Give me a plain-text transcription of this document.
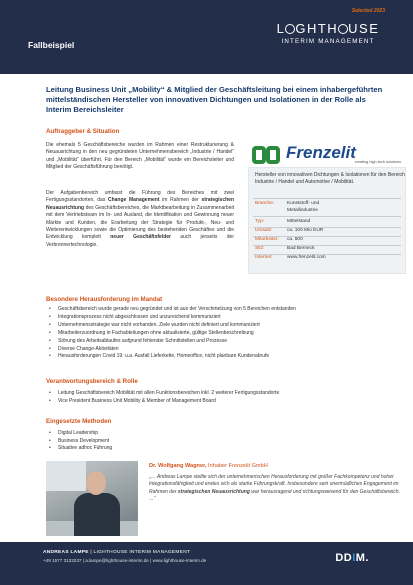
Fallbeispiel
Selected 2023
L GHTH USE
INTERIM MANAGEMENT
Leitung Business Unit „Mobility“ & Mitglied der Geschäftsleitung bei einem inhabergeführten mittelständischen Hersteller von innovativen Dichtungen und Isolationen in der Rolle als Interim Bereichsleiter
Auftraggeber & Situation

Die ehemals 5 Geschäftsbereiche wurden im Rahmen einer Restrukturierung & Neuausrichtung in den neu gegründeten Unternehmensbereich „Industrie / Handel“ und „Mobilität“ überführt. Für den Bereich „Mobilität“ wurde ein Bereichsleiter und Mitglied der Geschäftsführung benötigt.

Der Aufgabenbereich umfasst die Führung des Bereiches mit zwei Fertigungsstandorten, das Change Management im Rahmen der strategischen Neuausrichtung des Geschäftsbereiches, die Marktbearbeitung in Zusammenarbeit mit dem Vertriebsteam im In- und Ausland, die Identifikation und Gewinnung neuer Märkte und Kunden, die Erarbeitung der Strategie für Produkt-, Neu- und Weiterentwicklungen sowie die Optimierung des bestehenden Geschäftes und die Entwicklung komplett neuer Geschäftsfelder auch jenseits der Verbrennertechnologie.

Frenzelit
creating high-tech solutions
Hersteller von innovativen Dichtungen & Isolationen für den Bereich Industrie / Handel und Automotive / Mobilität.
Branche:	Kunststoff- und
Metallindustrie
Typ:	Mittelstand
Umsatz:	ca. 100 Mio EUR
Mitarbeiter: ca. 500
Sitz:	Bad Berneck
Internet:	www.frenzelit.com
Besondere Herausforderung im Mandat
• Geschäftsbereich wurde gerade neu gegründet und ist aus der Verschmelzung von 5 Bereichen entstanden
• Integrationsprozess nicht abgeschlossen und unzureichend kommuniziert
• Unternehmensstrategie war nicht vorhanden, Ziele wurden nicht definiert und kommuniziert
• Mitarbeiterzuordnung in Fachabteilungen ohne aktualisierte, gültige Stellenbeschreibung
• Störung des Arbeitsablaufes aufgrund fehlender Schnittstellen und Prozesse
• Diverse Change-Aktivitäten
• Herausforderungen Covid 19: u.a. Ausfall Lieferkette, Homeoffice, nicht planbare Kundenabrufe
Verantwortungsbereich & Rolle
• Leitung Geschäftsbereich Mobilität mit allen Funktionsbereichen inkl. 2 weiterer Fertigungsstandorte
• Vice President Business Unit Mobility & Member of Management Board
Eingesetzte Methoden
• Digital Leadership
• Business Development
• Situative adhoc Führung
Dr. Wolfgang Wagner, Inhaber Frenzelit GmbH

„… Andreas Lampe stellte sich der unternehmerischen Herausforderung mit großer Fachkompetenz und hoher Integrationsfähigkeit und erwies sich als starke Führungskraft. Insbesondere sein unermüdliches Engagement im Rahmen der strategischen Neuausrichtung war herausragend und richtungsweisend für den Geschäftsbereich. …“

ANDREAS LAMPE | LIGHTHOUSE INTERIM MANAGEMENT
+49 1577 3133237 | a.lampe@lighthouse-interim.de | www.lighthouse-interim.de	DDIM.
